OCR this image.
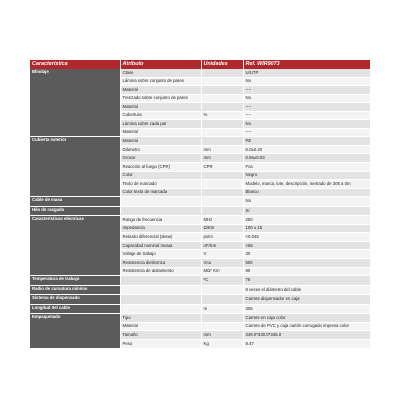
Característica	Atributo	Unidades	Ref. WIR9073
Blindaje	Clase		U/UTP
	Lámina sobre conjunto de pares		No
	Material		----
	Trenzado sobre conjunto de pares		No
	Material		----
	Cobertura	%	----
	Lámina sobre cada par		No
	Material		----
Cubierta exterior	Material		PE
	Diámetro	mm	6.0±0.20
	Grosor	mm	0.65±0.03
	Reacción al fuego (CPR)	CPR	Fca
	Color		Negro
	Texto de marcado		Modelo, marca, lote, descripción, metrado de 305 a 0m
	Color texto de marcado		Blanco
Cable de masa			No
Hilo de rasgado			Sí
Características eléctricas	Rango de frecuencia	MHz	250
	Impedancia	Ω/Km	100 ± 15
	Retardo diferencial (skew)	ps/m	<0.045
	Capacidad nominal mutua	nF/Km	<56
	Voltaje de trabajo	V	30
	Resistencia dieléctrica	Vca	500
	Resistencia de aislamiento	MΩ* Km	90
Temperatura de trabajo		ºC	75
Radio de curvatura mínimo			8 veces el diámetro del cable
Sistema de dispensado			Carrete dispensador en caja
Longitud del cable		m	305
Empaquetado	Tipo		Carrete en caja color
	Material		Carrete de PVC y caja cartón corrugado impresa color
	Tamaño	mm	349.0*330.0*345.0
	Peso	Kg	8.47
